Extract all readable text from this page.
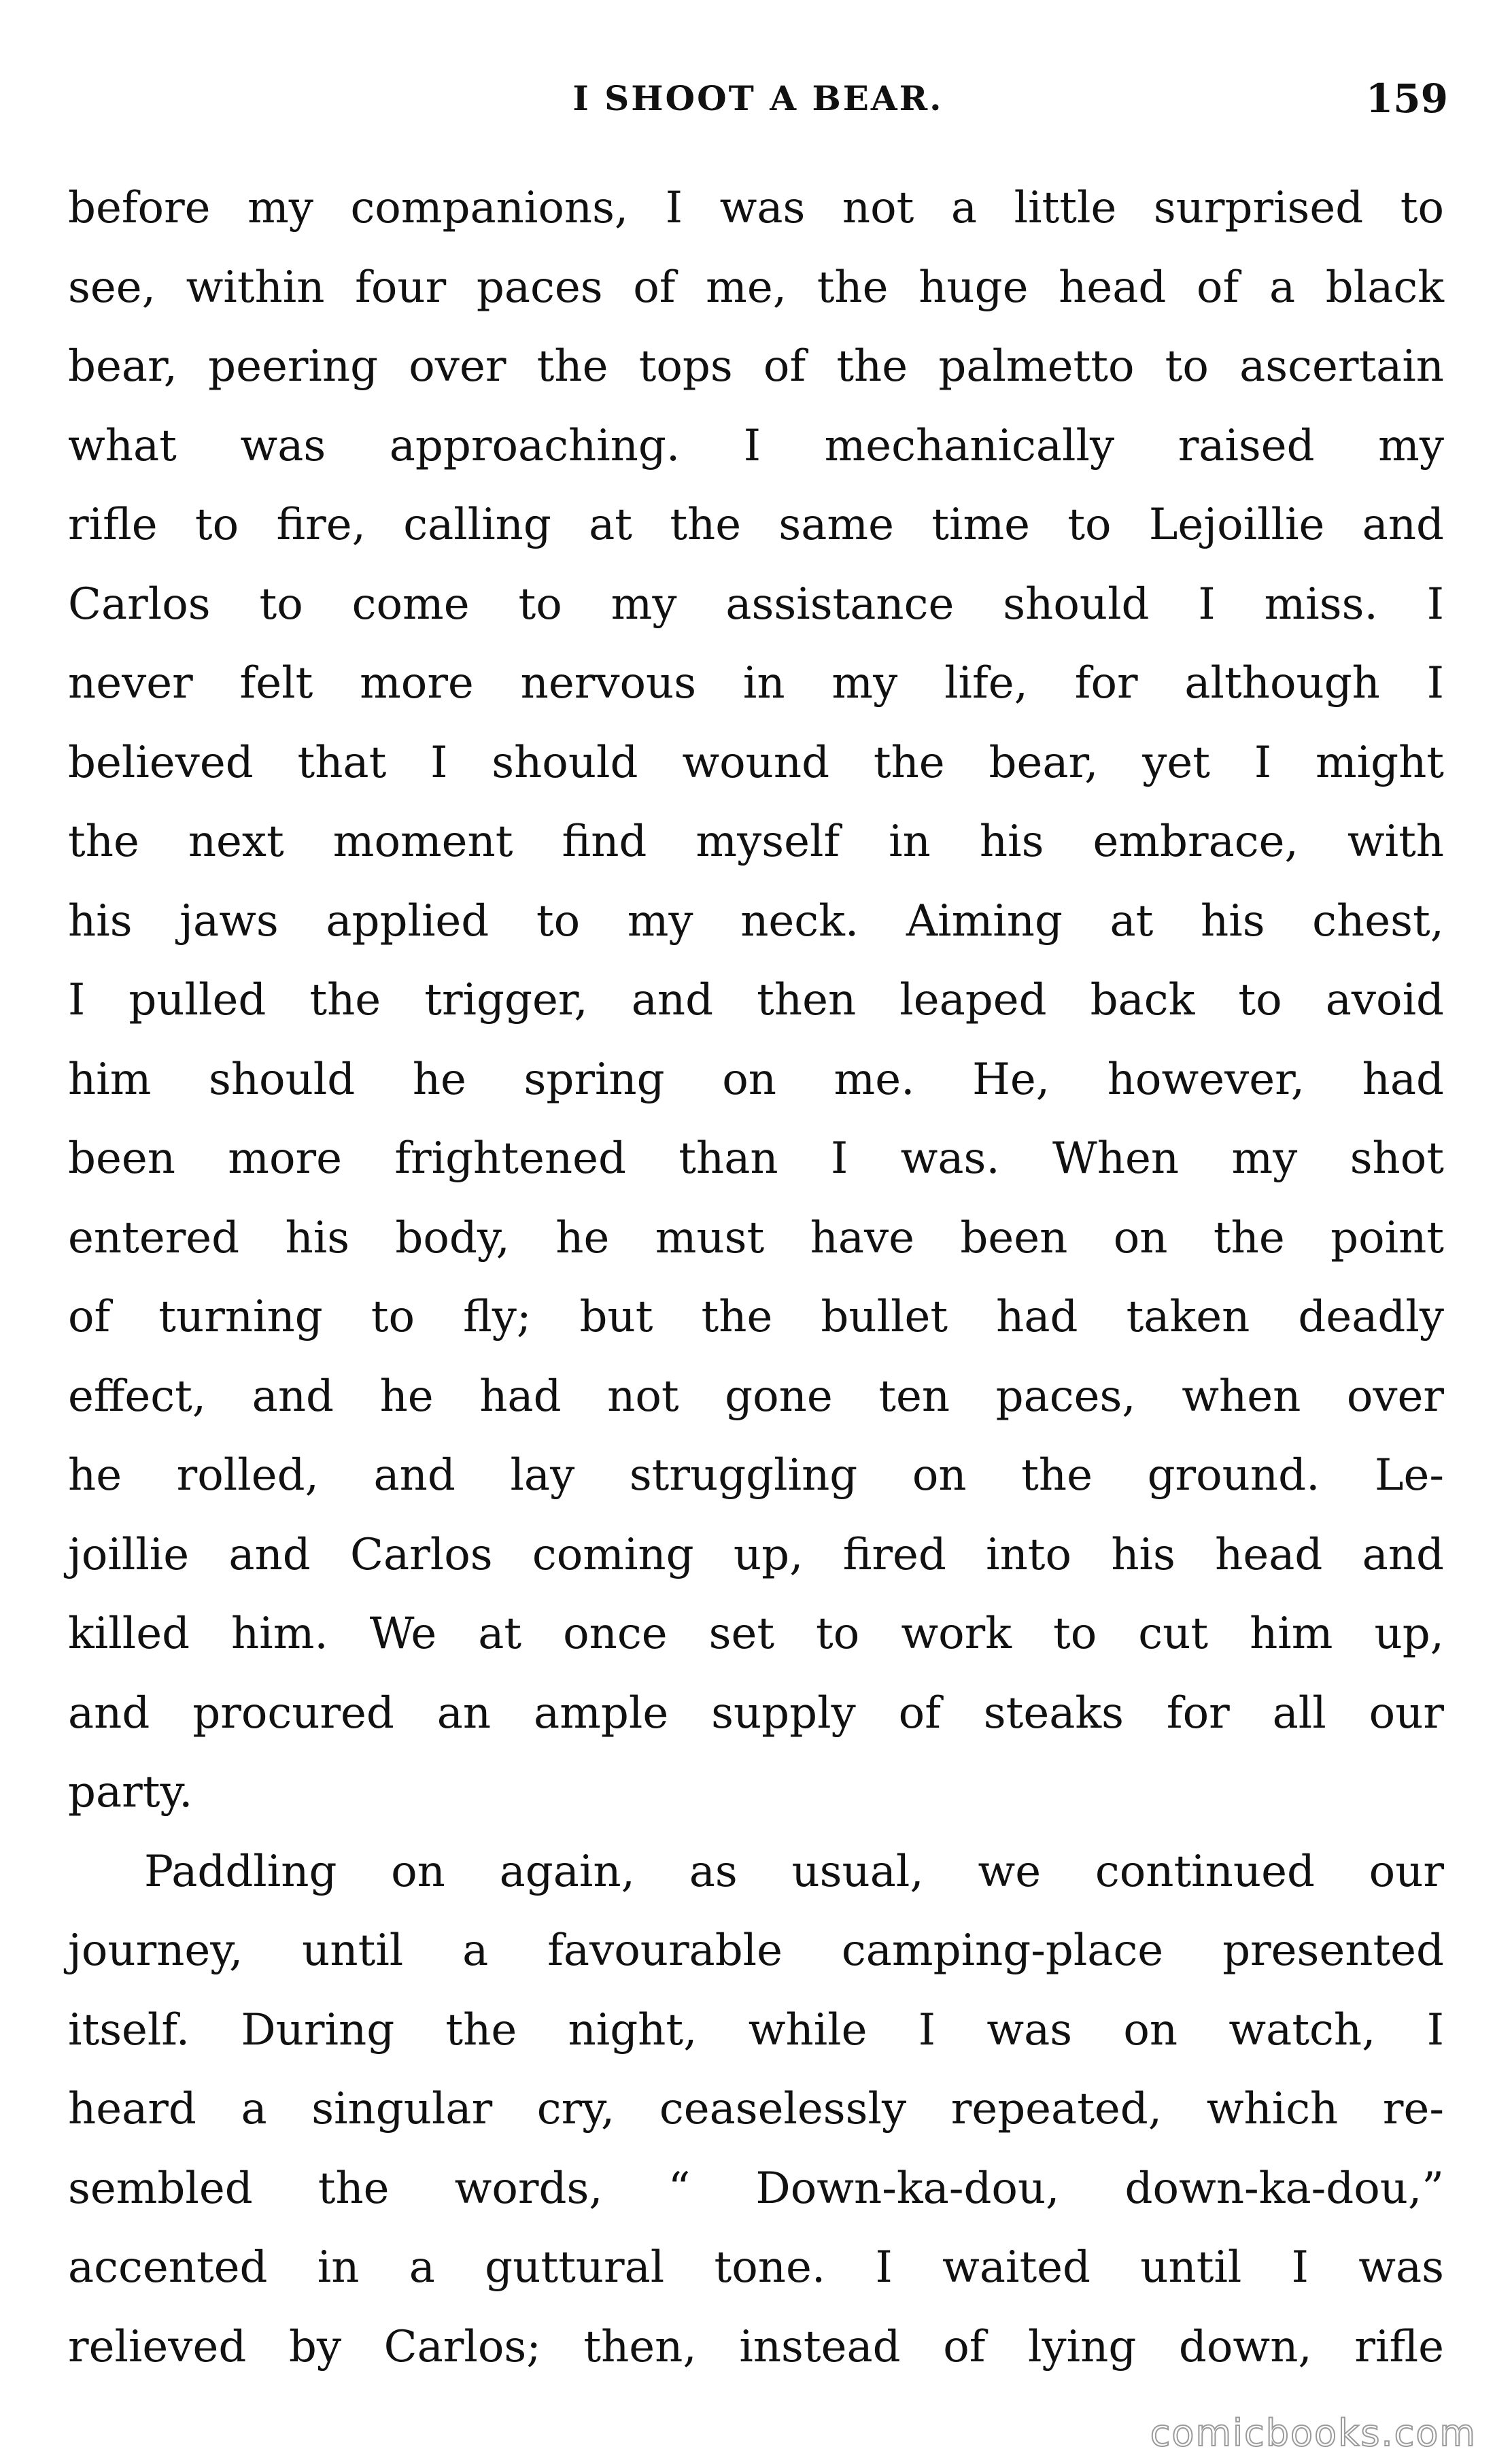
I SHOOT A BEAR.	159
before my companions, I was not a little surprised to
see, within four paces of me, the huge head of a black
bear, peering over the tops of the palmetto to ascertain
what was approaching. I mechanically raised my
rifle to fire, calling at the same time to Lejoillie and
Carlos to come to my assistance should I miss. I
never felt more nervous in my life, for although I
believed that I should wound the bear, yet I might
the next moment find myself in his embrace, with
his jaws applied to my neck. Aiming at his chest,
I pulled the trigger, and then leaped back to avoid
him should he spring on me. He, however, had
been more frightened than I was. When my shot
entered his body, he must have been on the point
of turning to fly; but the bullet had taken deadly
effect, and he had not gone ten paces, when over
he rolled, and lay struggling on the ground. Le-
joillie and Carlos coming up, fired into his head and
killed him. We at once set to work to cut him up,
and procured an ample supply of steaks for all our
party.
Paddling on again, as usual, we continued our
journey, until a favourable camping-place presented
itself. During the night, while I was on watch, I
heard a singular cry, ceaselessly repeated, which re-
sembled the words, “ Down-ka-dou, down-ka-dou,”
accented in a guttural tone. I waited until I was
relieved by Carlos; then, instead of lying down, rifle
comicbooks.com
